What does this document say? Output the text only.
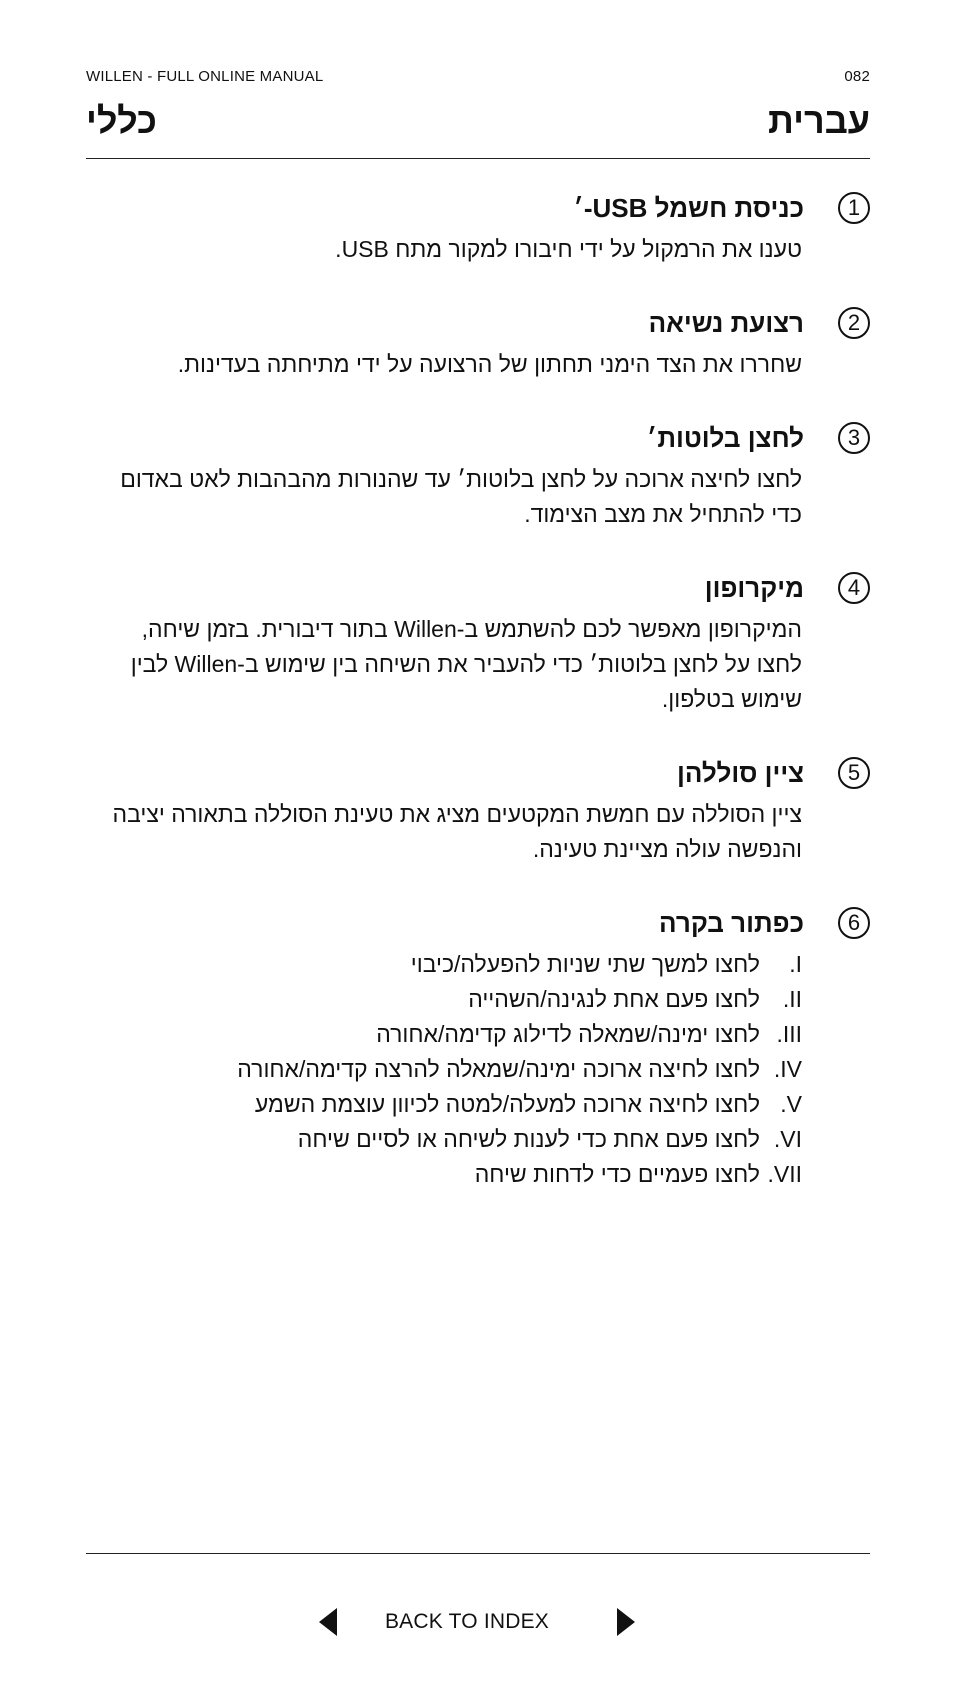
WILLEN - FULL ONLINE MANUAL	082
כללי	עברית
1
כניסת חשמל USB-׳
טענו את הרמקול על ידי חיבורו למקור מתח USB.
2
רצועת נשיאה
שחררו את הצד הימני תחתון של הרצועה על ידי מתיחתה בעדינות.
3
לחצן בלוטות׳
לחצו לחיצה ארוכה על לחצן בלוטות׳ עד שהנורות מהבהבות לאט באדום כדי להתחיל את מצב הצימוד.
4
מיקרופון
המיקרופון מאפשר לכם להשתמש ב-Willen בתור דיבורית. בזמן שיחה, לחצו על לחצן בלוטות׳ כדי להעביר את השיחה בין שימוש ב-Willen לבין שימוש בטלפון.
5
ציין סוללהן
ציין הסוללה עם חמשת המקטעים מציג את טעינת הסוללה בתאורה יציבה והנפשה עולה מציינת טעינה.
6
כפתור בקרה
I.
לחצו למשך שתי שניות להפעלה/כיבוי
II.
לחצו פעם אחת לנגינה/השהייה
III.
לחצו ימינה/שמאלה לדילוג קדימה/אחורה
IV.
לחצו לחיצה ארוכה ימינה/שמאלה להרצה קדימה/אחורה
V.
לחצו לחיצה ארוכה למעלה/למטה לכיוון עוצמת השמע
VI.
לחצו פעם אחת כדי לענות לשיחה או לסיים שיחה
VII.
לחצו פעמיים כדי לדחות שיחה
BACK TO INDEX
